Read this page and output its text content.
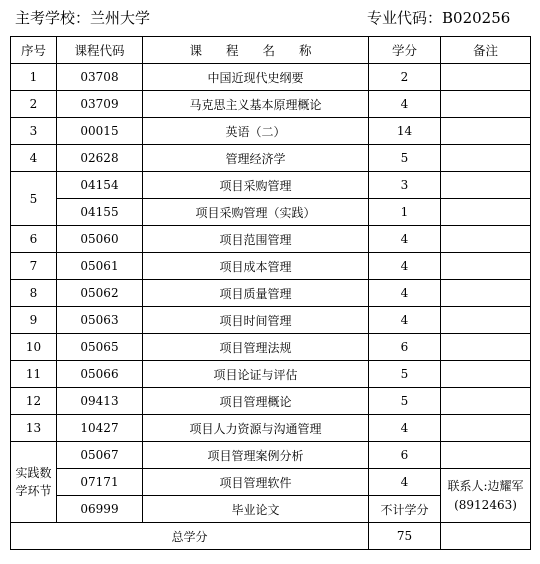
主考学校：兰州大学	专业代码：B020256
序号	课程代码	课 程 名 称	学分	备注
1	03708	中国近现代史纲要	2	
2	03709	马克思主义基本原理概论	4	
3	00015	英语（二）	14	
4	02628	管理经济学	5	
5	04154	项目采购管理	3	
	04155	项目采购管理（实践）	1	
6	05060	项目范围管理	4	
7	05061	项目成本管理	4	
8	05062	项目质量管理	4	
9	05063	项目时间管理	4	
10	05065	项目管理法规	6	
11	05066	项目论证与评估	5	
12	09413	项目管理概论	5	
13	10427	项目人力资源与沟通管理	4	
实践数学环节	05067	项目管理案例分析	6	
	07171	项目管理软件	4	联系人:边耀军(8912463)
	06999	毕业论文	不计学分	
总学分			75	
